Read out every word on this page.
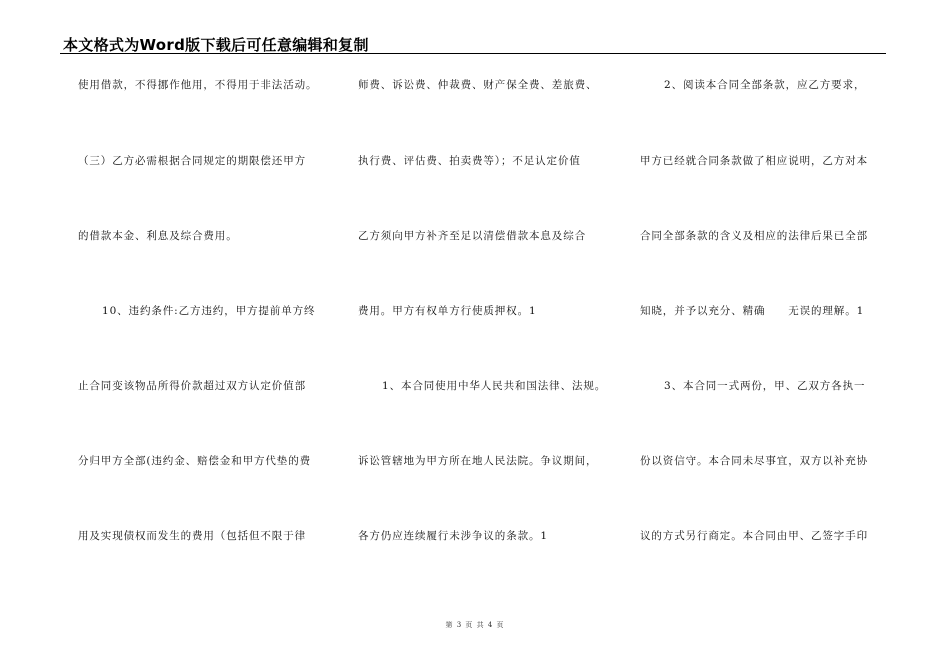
本文格式为Word版下载后可任意编辑和复制
使用借款，不得挪作他用，不得用于非法活动。
（三）乙方必需根据合同规定的期限偿还甲方
的借款本金、利息及综合费用。
10、违约条件:乙方违约，甲方提前单方终
止合同变该物品所得价款超过双方认定价值部
分归甲方全部(违约金、赔偿金和甲方代垫的费
用及实现债权而发生的费用（包括但不限于律
师费、诉讼费、仲裁费、财产保全费、差旅费、
执行费、评估费、拍卖费等）；不足认定价值
乙方须向甲方补齐至足以清偿借款本息及综合
费用。甲方有权单方行使质押权。1
1、本合同使用中华人民共和国法律、法规。
诉讼管辖地为甲方所在地人民法院。争议期间，
各方仍应连续履行未涉争议的条款。1
2、阅读本合同全部条款，应乙方要求，
甲方已经就合同条款做了相应说明，乙方对本
合同全部条款的含义及相应的法律后果已全部
知晓，并予以充分、精确　　无误的理解。1
3、本合同一式两份，甲、乙双方各执一
份以资信守。本合同未尽事宜，双方以补充协
议的方式另行商定。本合同由甲、乙签字手印
第 3 页 共 4 页
